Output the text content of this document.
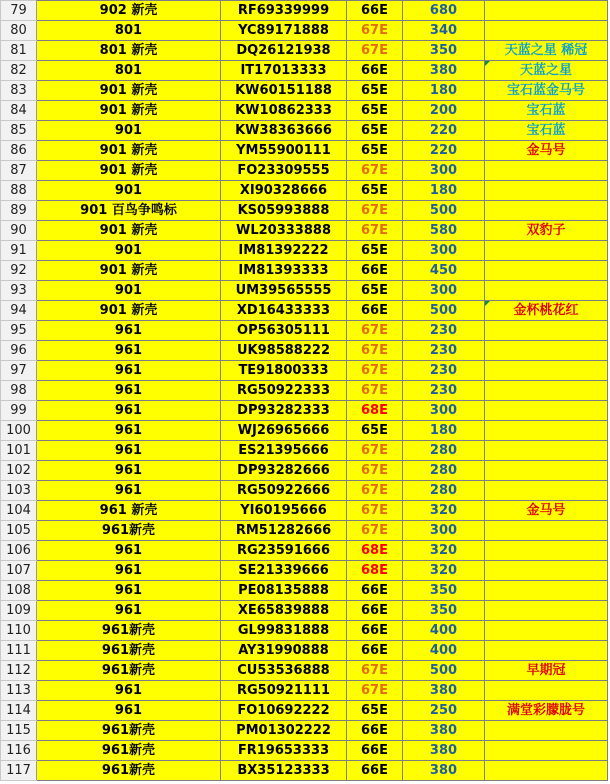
79	902 新壳	RF69339999	66E	680	
80	801	YC89171888	67E	340	
81	801 新壳	DQ26121938	67E	350	天蓝之星 稀冠
82	801	IT17013333	66E	380	天蓝之星

83	901 新壳	KW60151188	65E	180	宝石蓝金马号
84	901 新壳	KW10862333	65E	200	宝石蓝
85	901	KW38363666	65E	220	宝石蓝
86	901 新壳	YM55900111	65E	220	金马号
87	901 新壳	FO23309555	67E	300	
88	901	XI90328666	65E	180	
89	901 百鸟争鸣标	KS05993888	67E	500	
90	901 新壳	WL20333888	67E	580	双豹子
91	901	IM81392222	65E	300	
92	901 新壳	IM81393333	66E	450	
93	901	UM39565555	65E	300	
94	901 新壳	XD16433333	66E	500	金杯桃花红

95	961	OP56305111	67E	230	
96	961	UK98588222	67E	230	
97	961	TE91800333	67E	230	
98	961	RG50922333	67E	230	
99	961	DP93282333	68E	300	
100	961	WJ26965666	65E	180	
101	961	ES21395666	67E	280	
102	961	DP93282666	67E	280	
103	961	RG50922666	67E	280	
104	961 新壳	YI60195666	67E	320	金马号
105	961新壳	RM51282666	67E	300	
106	961	RG23591666	68E	320	
107	961	SE21339666	68E	320	
108	961	PE08135888	66E	350	
109	961	XE65839888	66E	350	
110	961新壳	GL99831888	66E	400	
111	961新壳	AY31990888	66E	400	
112	961新壳	CU53536888	67E	500	早期冠
113	961	RG50921111	67E	380	
114	961	FO10692222	65E	250	满堂彩朦胧号
115	961新壳	PM01302222	66E	380	
116	961新壳	FR19653333	66E	380	
117	961新壳	BX35123333	66E	380	
